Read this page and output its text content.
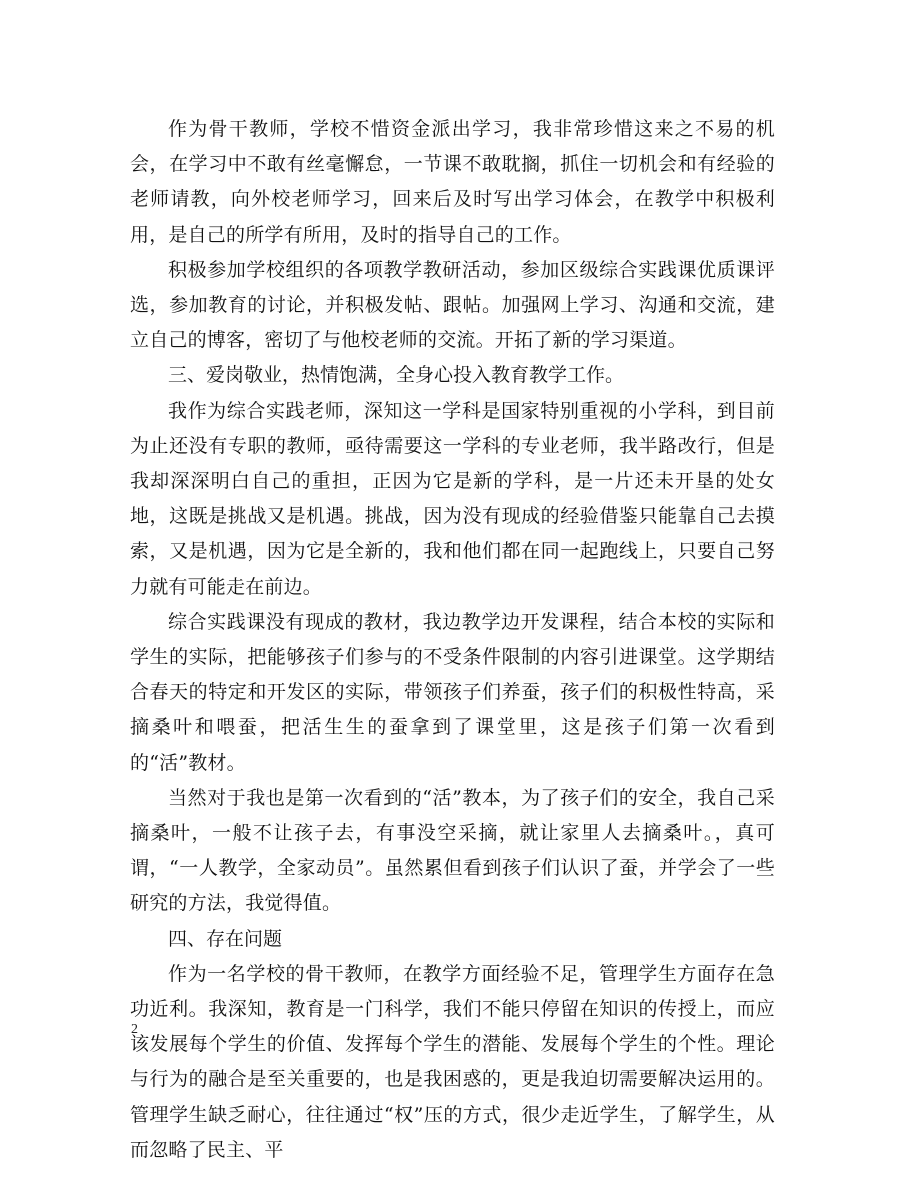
作为骨干教师，学校不惜资金派出学习，我非常珍惜这来之不易的机会，在学习中不敢有丝毫懈怠，一节课不敢耽搁，抓住一切机会和有经验的老师请教，向外校老师学习，回来后及时写出学习体会，在教学中积极利用，是自己的所学有所用，及时的指导自己的工作。

积极参加学校组织的各项教学教研活动，参加区级综合实践课优质课评选，参加教育的讨论，并积极发帖、跟帖。加强网上学习、沟通和交流，建立自己的博客，密切了与他校老师的交流。开拓了新的学习渠道。

三、爱岗敬业，热情饱满，全身心投入教育教学工作。

我作为综合实践老师，深知这一学科是国家特别重视的小学科，到目前为止还没有专职的教师，亟待需要这一学科的专业老师，我半路改行，但是我却深深明白自己的重担，正因为它是新的学科，是一片还未开垦的处女地，这既是挑战又是机遇。挑战，因为没有现成的经验借鉴只能靠自己去摸索，又是机遇，因为它是全新的，我和他们都在同一起跑线上，只要自己努力就有可能走在前边。

综合实践课没有现成的教材，我边教学边开发课程，结合本校的实际和学生的实际，把能够孩子们参与的不受条件限制的内容引进课堂。这学期结合春天的特定和开发区的实际，带领孩子们养蚕，孩子们的积极性特高，采摘桑叶和喂蚕，把活生生的蚕拿到了课堂里，这是孩子们第一次看到的“活”教材。

当然对于我也是第一次看到的“活”教本，为了孩子们的安全，我自己采摘桑叶，一般不让孩子去，有事没空采摘，就让家里人去摘桑叶。，真可谓，“一人教学，全家动员”。虽然累但看到孩子们认识了蚕，并学会了一些研究的方法，我觉得值。

四、存在问题

作为一名学校的骨干教师，在教学方面经验不足，管理学生方面存在急功近利。我深知，教育是一门科学，我们不能只停留在知识的传授上，而应该发展每个学生的价值、发挥每个学生的潜能、发展每个学生的个性。理论与行为的融合是至关重要的，也是我困惑的，更是我迫切需要解决运用的。管理学生缺乏耐心，往往通过“权”压的方式，很少走近学生，了解学生，从而忽略了民主、平

2
